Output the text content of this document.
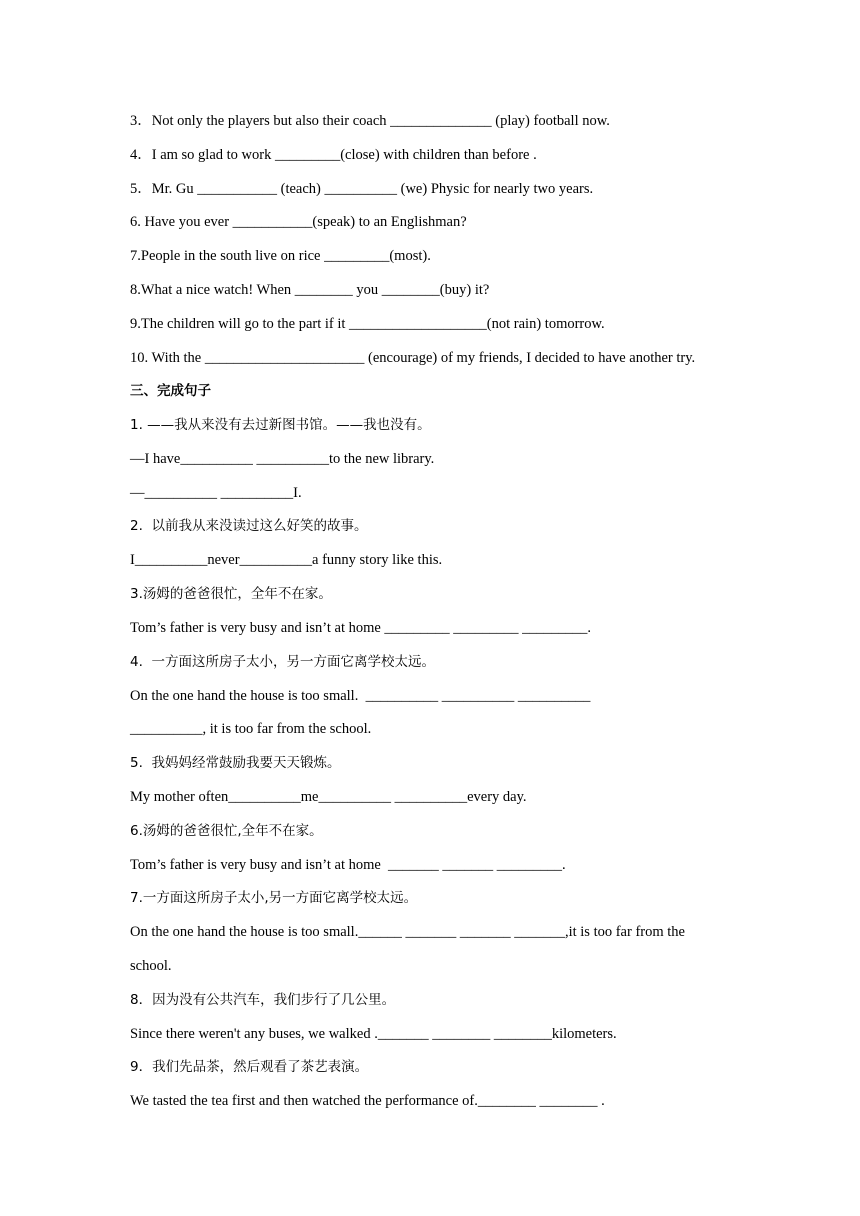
3．Not only the players but also their coach ______________ (play) football now.
4．I am so glad to work _________(close) with children than before .
5．Mr. Gu ___________ (teach) __________ (we) Physic for nearly two years.
6. Have you ever ___________(speak) to an Englishman?
7.People in the south live on rice _________(most).
8.What a nice watch! When ________ you ________(buy) it?
9.The children will go to the part if it ___________________(not rain) tomorrow.
10. With the ______________________ (encourage) of my friends, I decided to have another try.
三、完成句子
1. ——我从来没有去过新图书馆。——我也没有。
—I have__________ __________to the new library.
—__________ __________I.
2.  以前我从来没读过这么好笑的故事。
I__________never__________a funny story like this.
3.汤姆的爸爸很忙，全年不在家。
Tom’s father is very busy and isn’t at home _________ _________ _________.
4.  一方面这所房子太小，另一方面它离学校太远。
On the one hand the house is too small.  __________ __________ __________
__________, it is too far from the school.
5.  我妈妈经常鼓励我要天天锻炼。
My mother often__________me__________ __________every day.
6.汤姆的爸爸很忙,全年不在家。
Tom’s father is very busy and isn’t at home  _______ _______ _________.
7.一方面这所房子太小,另一方面它离学校太远。
On the one hand the house is too small.______ _______ _______ _______,it is too far from the
school.
8．因为没有公共汽车，我们步行了几公里。
Since there weren't any buses, we walked ._______ ________ ________kilometers.
9．我们先品茶，然后观看了茶艺表演。
We tasted the tea first and then watched the performance of.________ ________ .
